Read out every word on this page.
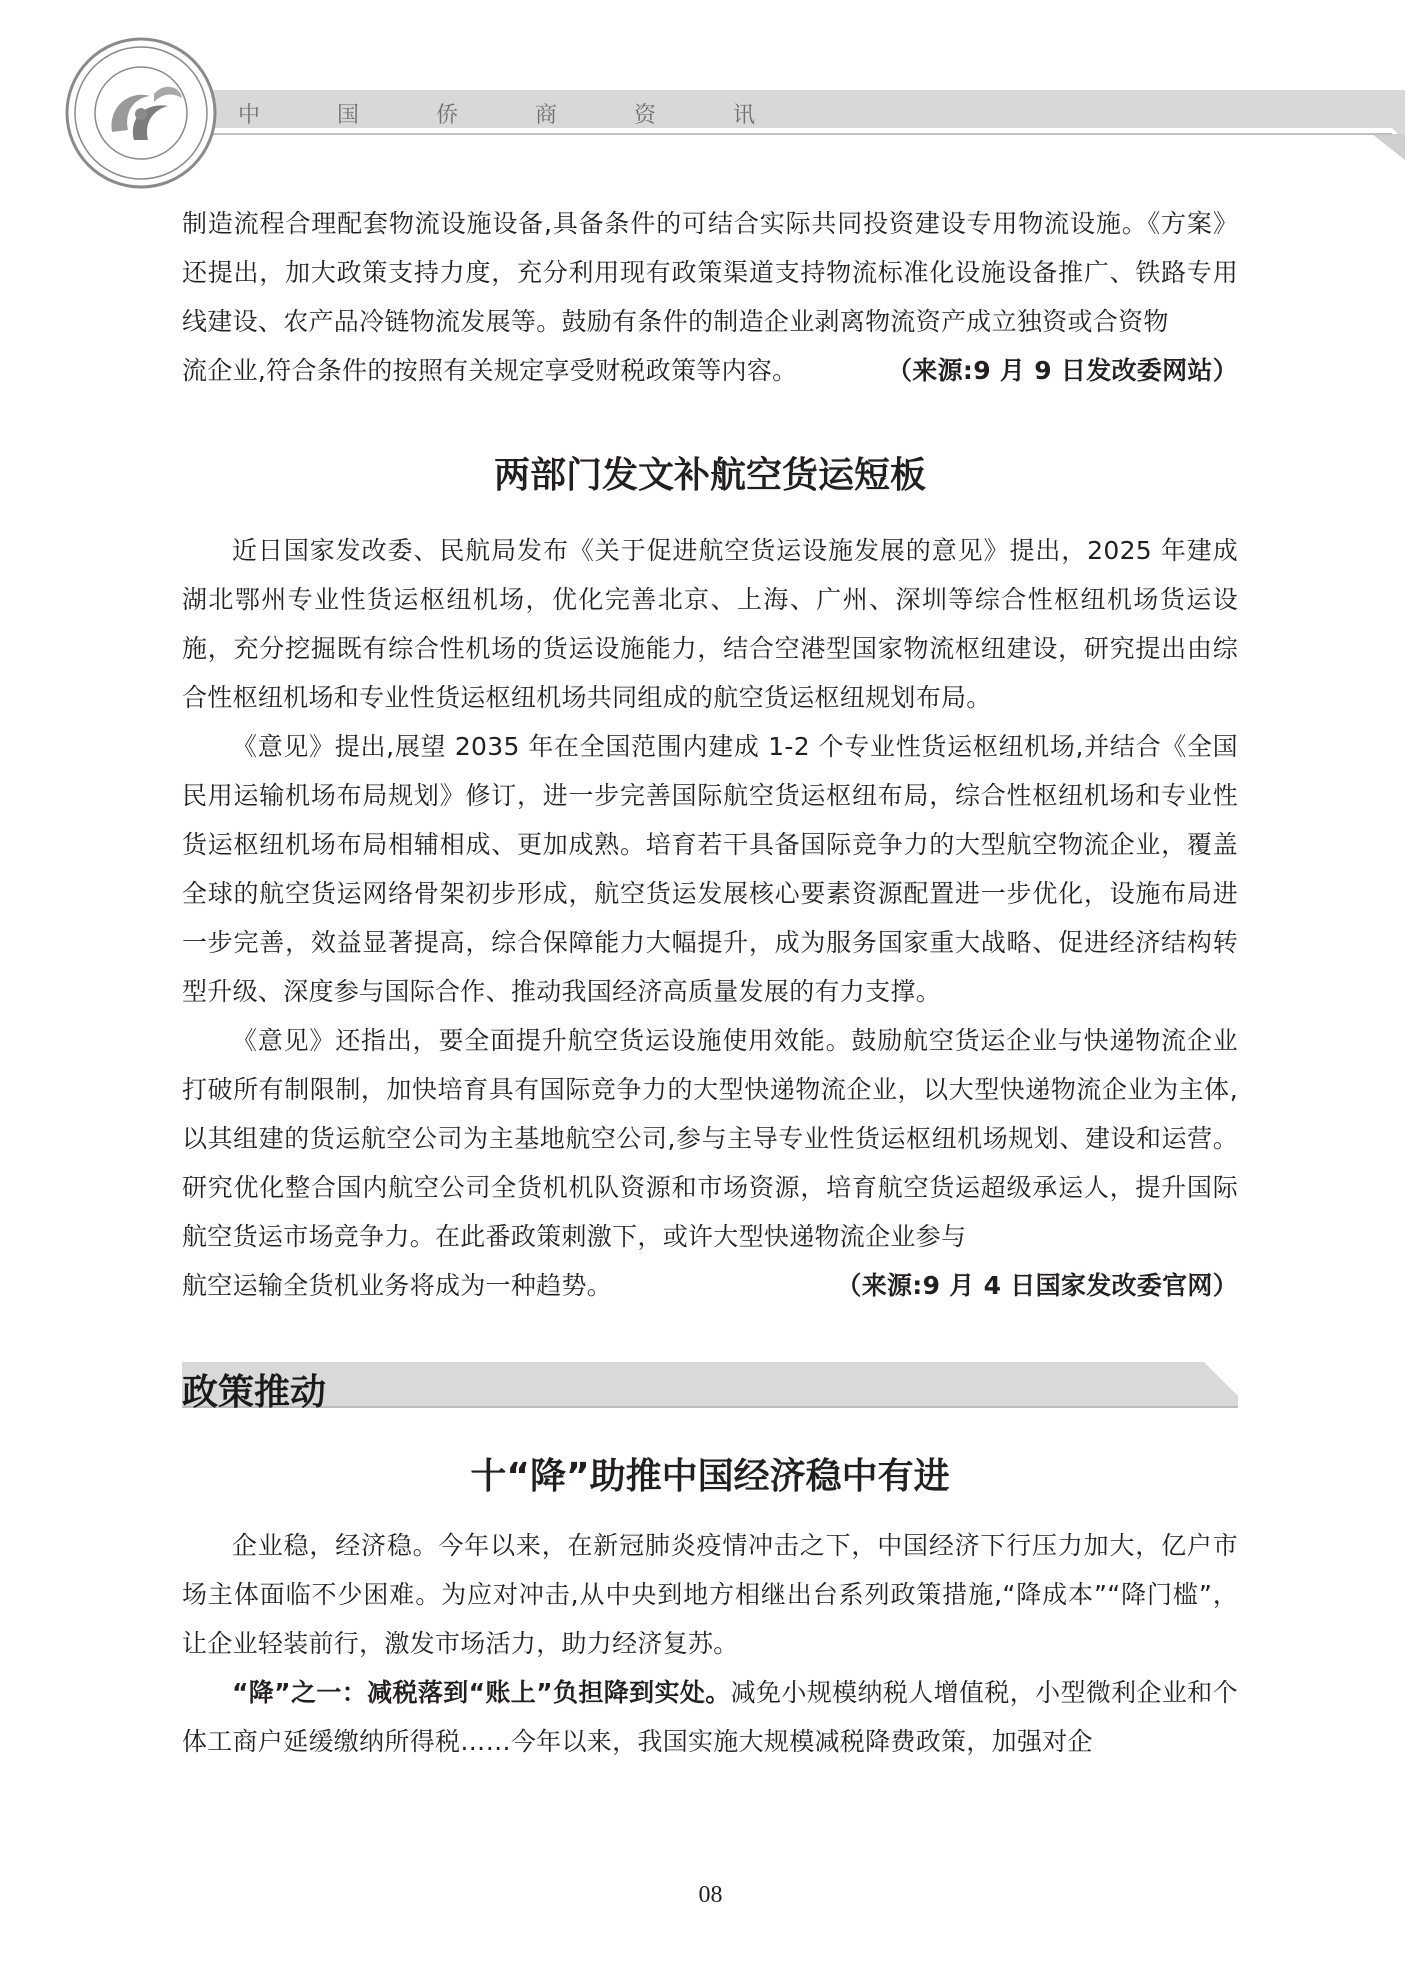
中 国 侨 商 资 讯

制造流程合理配套物流设施设备,具备条件的可结合实际共同投资建设专用物流设施。《方案》还提出，加大政策支持力度，充分利用现有政策渠道支持物流标准化设施设备推广、铁路专用线建设、农产品冷链物流发展等。鼓励有条件的制造企业剥离物流资产成立独资或合资物

流企业,符合条件的按照有关规定享受财税政策等内容。	（来源:9 月 9 日发改委网站）

两部门发文补航空货运短板

近日国家发改委、民航局发布《关于促进航空货运设施发展的意见》提出，2025 年建成湖北鄂州专业性货运枢纽机场，优化完善北京、上海、广州、深圳等综合性枢纽机场货运设施，充分挖掘既有综合性机场的货运设施能力，结合空港型国家物流枢纽建设，研究提出由综合性枢纽机场和专业性货运枢纽机场共同组成的航空货运枢纽规划布局。

《意见》提出,展望 2035 年在全国范围内建成 1-2 个专业性货运枢纽机场,并结合《全国民用运输机场布局规划》修订，进一步完善国际航空货运枢纽布局，综合性枢纽机场和专业性货运枢纽机场布局相辅相成、更加成熟。培育若干具备国际竞争力的大型航空物流企业，覆盖全球的航空货运网络骨架初步形成，航空货运发展核心要素资源配置进一步优化，设施布局进一步完善，效益显著提高，综合保障能力大幅提升，成为服务国家重大战略、促进经济结构转型升级、深度参与国际合作、推动我国经济高质量发展的有力支撑。

《意见》还指出，要全面提升航空货运设施使用效能。鼓励航空货运企业与快递物流企业打破所有制限制，加快培育具有国际竞争力的大型快递物流企业，以大型快递物流企业为主体,以其组建的货运航空公司为主基地航空公司,参与主导专业性货运枢纽机场规划、建设和运营。研究优化整合国内航空公司全货机机队资源和市场资源，培育航空货运超级承运人，提升国际航空货运市场竞争力。在此番政策刺激下，或许大型快递物流企业参与

航空运输全货机业务将成为一种趋势。	（来源:9 月 4 日国家发改委官网）

政策推动
十“降”助推中国经济稳中有进

企业稳，经济稳。今年以来，在新冠肺炎疫情冲击之下，中国经济下行压力加大，亿户市场主体面临不少困难。为应对冲击,从中央到地方相继出台系列政策措施,“降成本”“降门槛”，让企业轻装前行，激发市场活力，助力经济复苏。

“降”之一：减税落到“账上”负担降到实处。减免小规模纳税人增值税，小型微利企业和个体工商户延缓缴纳所得税……今年以来，我国实施大规模减税降费政策，加强对企

08
